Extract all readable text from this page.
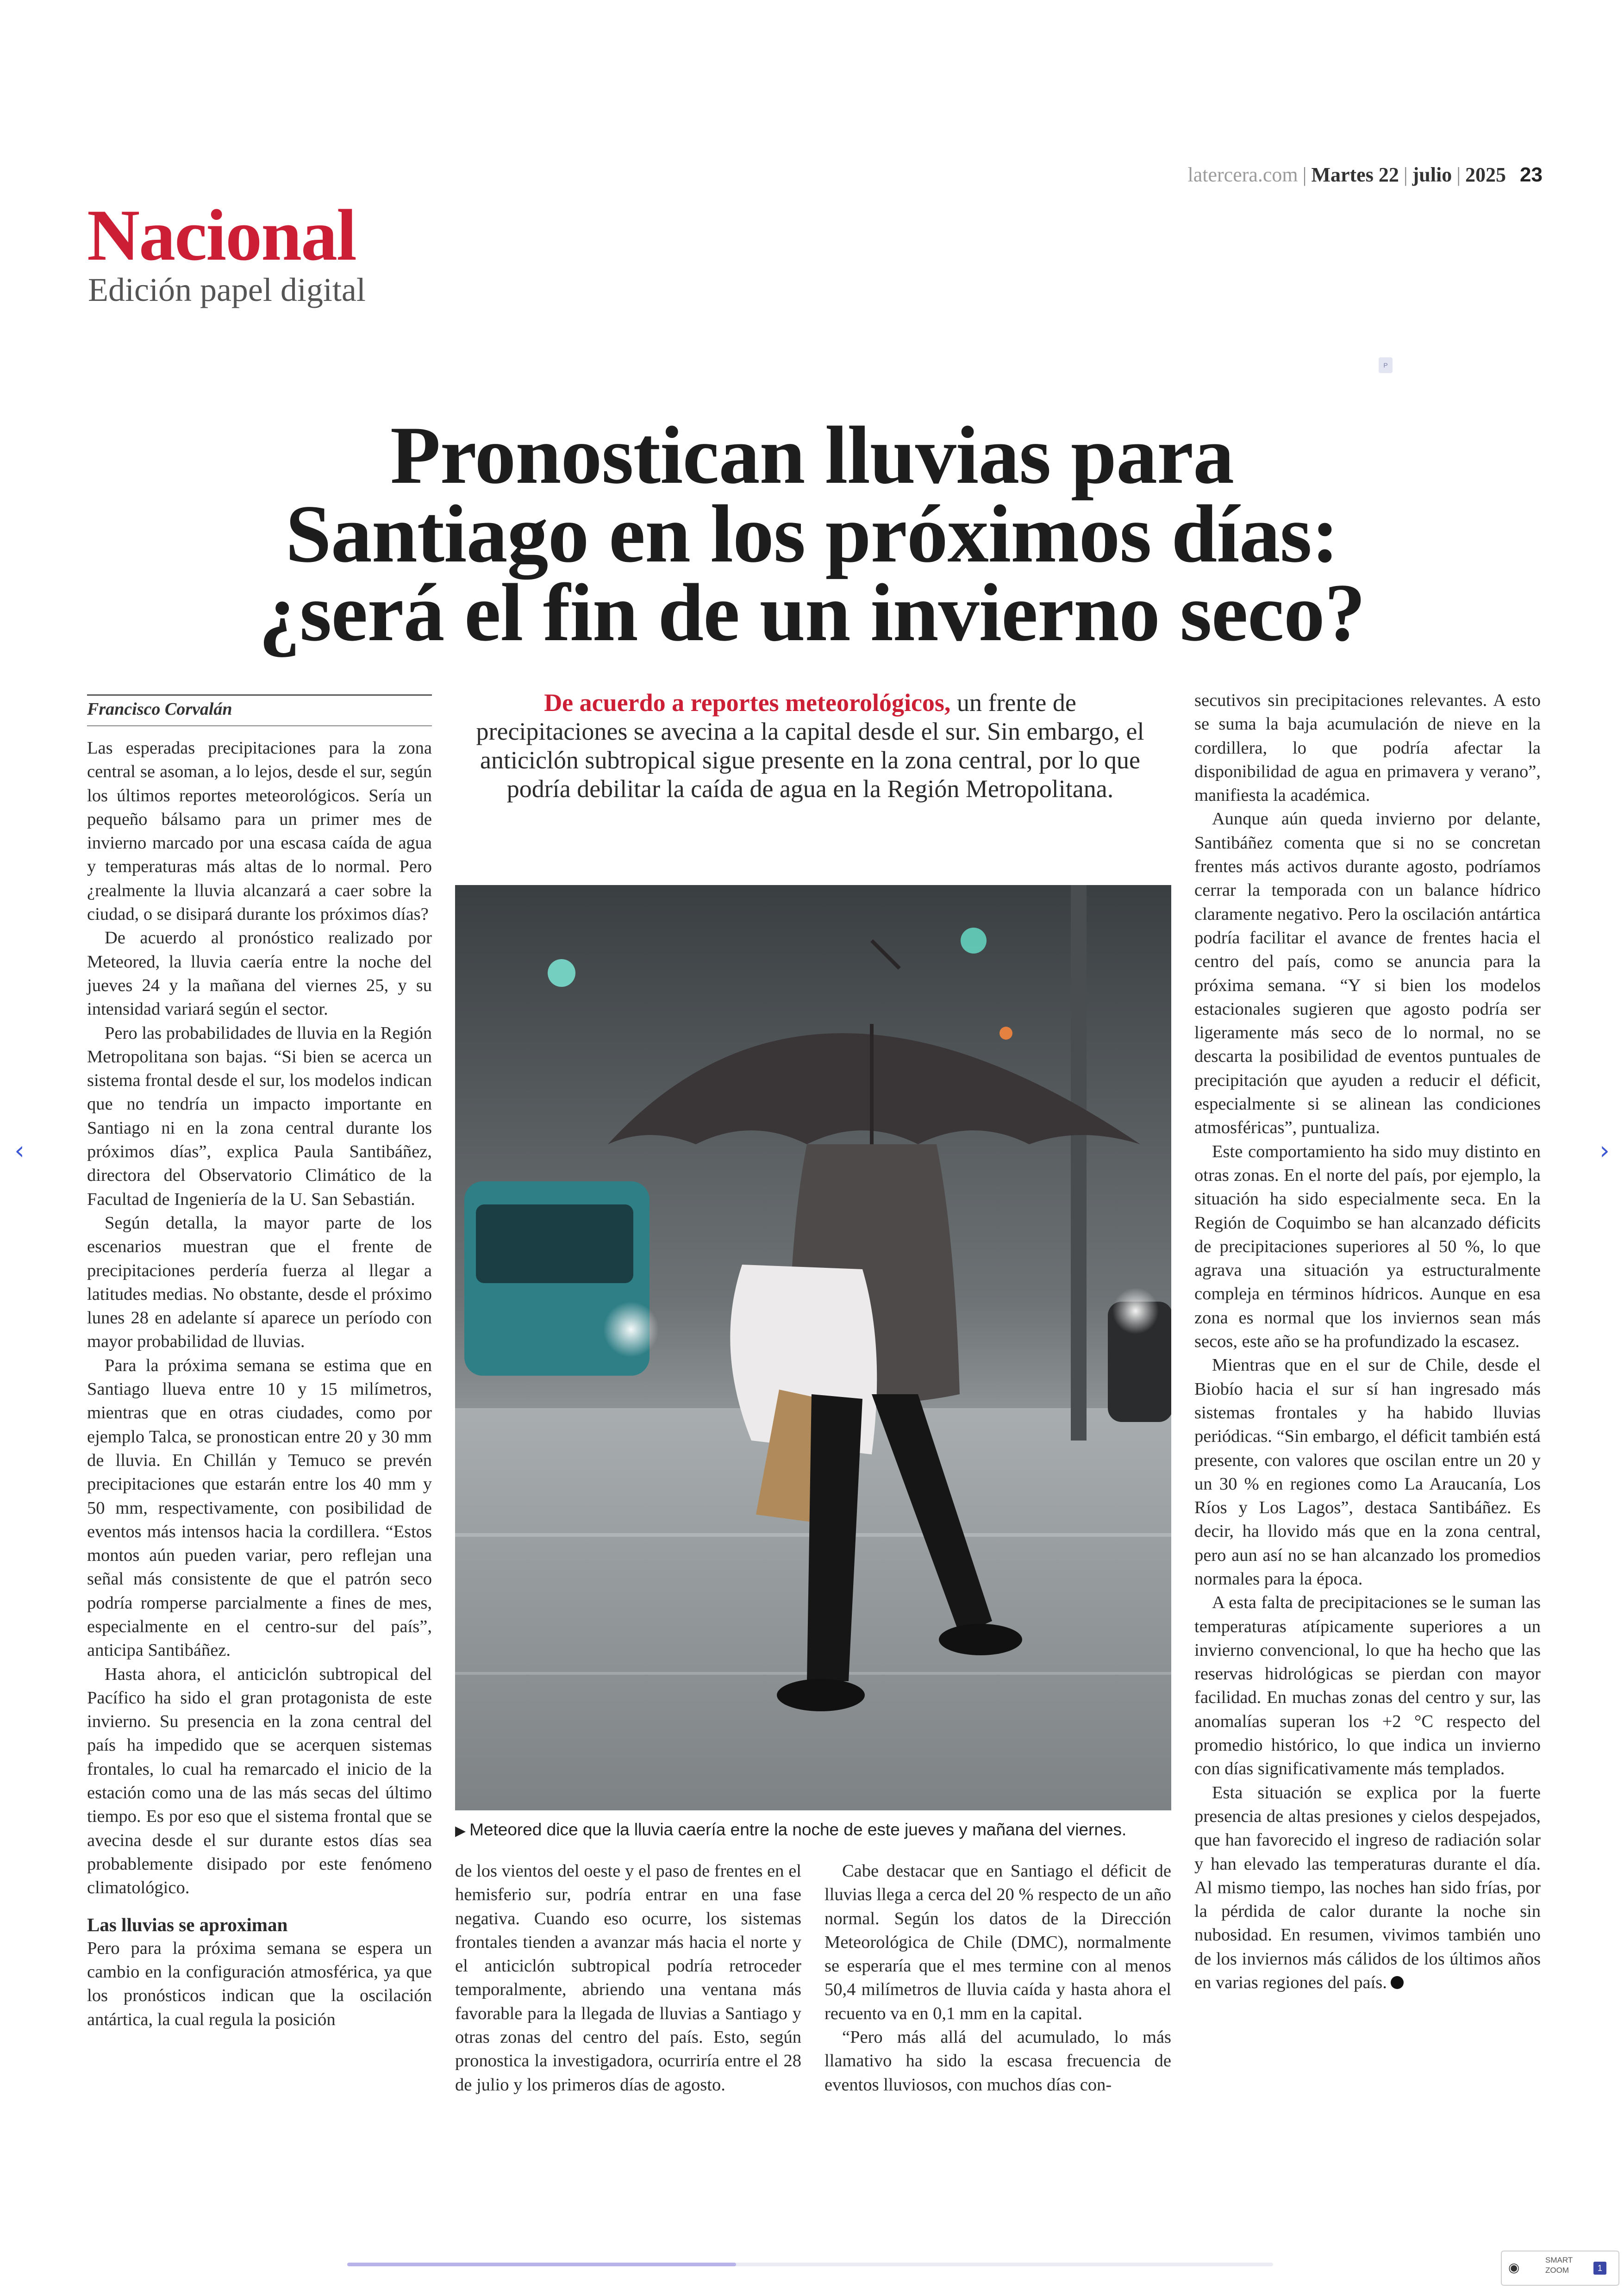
latercera.com | Martes 22 | julio | 2025 23
Nacional
Edición papel digital
P
Pronostican lluvias para
Santiago en los próximos días:
¿será el fin de un invierno seco?
Francisco Corvalán

Las esperadas precipitaciones para la zona central se asoman, a lo lejos, desde el sur, según los últimos reportes meteorológicos. Sería un pequeño bálsamo para un primer mes de invierno marcado por una escasa caída de agua y temperaturas más altas de lo normal. Pero ¿realmente la lluvia alcanzará a caer sobre la ciudad, o se disipará durante los próximos días?

De acuerdo al pronóstico realizado por Meteored, la lluvia caería entre la noche del jueves 24 y la mañana del viernes 25, y su intensidad variará según el sector.

Pero las probabilidades de lluvia en la Región Metropolitana son bajas. “Si bien se acerca un sistema frontal desde el sur, los modelos indican que no tendría un impacto importante en Santiago ni en la zona central durante los próximos días”, explica Paula Santibáñez, directora del Observatorio Climático de la Facultad de Ingeniería de la U. San Sebastián.

Según detalla, la mayor parte de los escenarios muestran que el frente de precipitaciones perdería fuerza al llegar a latitudes medias. No obstante, desde el próximo lunes 28 en adelante sí aparece un período con mayor probabilidad de lluvias.

Para la próxima semana se estima que en Santiago llueva entre 10 y 15 milímetros, mientras que en otras ciudades, como por ejemplo Talca, se pronostican entre 20 y 30 mm de lluvia. En Chillán y Temuco se prevén precipitaciones que estarán entre los 40 mm y 50 mm, respectivamente, con posibilidad de eventos más intensos hacia la cordillera. “Estos montos aún pueden variar, pero reflejan una señal más consistente de que el patrón seco podría romperse parcialmente a fines de mes, especialmente en el centro-sur del país”, anticipa Santibáñez.

Hasta ahora, el anticiclón subtropical del Pacífico ha sido el gran protagonista de este invierno. Su presencia en la zona central del país ha impedido que se acerquen sistemas frontales, lo cual ha remarcado el inicio de la estación como una de las más secas del último tiempo. Es por eso que el sistema frontal que se avecina desde el sur durante estos días sea probablemente disipado por este fenómeno climatológico.

Las lluvias se aproximan

Pero para la próxima semana se espera un cambio en la configuración atmosférica, ya que los pronósticos indican que la oscilación antártica, la cual regula la posición

De acuerdo a reportes meteorológicos, un frente de precipitaciones se avecina a la capital desde el sur. Sin embargo, el anticiclón subtropical sigue presente en la zona central, por lo que podría debilitar la caída de agua en la Región Metropolitana.
▶ Meteored dice que la lluvia caería entre la noche de este jueves y mañana del viernes.

de los vientos del oeste y el paso de frentes en el hemisferio sur, podría entrar en una fase negativa. Cuando eso ocurre, los sistemas frontales tienden a avanzar más hacia el norte y el anticiclón subtropical podría retroceder temporalmente, abriendo una ventana más favorable para la llegada de lluvias a Santiago y otras zonas del centro del país. Esto, según pronostica la investigadora, ocurriría entre el 28 de julio y los primeros días de agosto.

Cabe destacar que en Santiago el déficit de lluvias llega a cerca del 20 % respecto de un año normal. Según los datos de la Dirección Meteorológica de Chile (DMC), normalmente se esperaría que el mes termine con al menos 50,4 milímetros de lluvia caída y hasta ahora el recuento va en 0,1 mm en la capital.

“Pero más allá del acumulado, lo más llamativo ha sido la escasa frecuencia de eventos lluviosos, con muchos días con-

secutivos sin precipitaciones relevantes. A esto se suma la baja acumulación de nieve en la cordillera, lo que podría afectar la disponibilidad de agua en primavera y verano”, manifiesta la académica.

Aunque aún queda invierno por delante, Santibáñez comenta que si no se concretan frentes más activos durante agosto, podríamos cerrar la temporada con un balance hídrico claramente negativo. Pero la oscilación antártica podría facilitar el avance de frentes hacia el centro del país, como se anuncia para la próxima semana. “Y si bien los modelos estacionales sugieren que agosto podría ser ligeramente más seco de lo normal, no se descarta la posibilidad de eventos puntuales de precipitación que ayuden a reducir el déficit, especialmente si se alinean las condiciones atmosféricas”, puntualiza.

Este comportamiento ha sido muy distinto en otras zonas. En el norte del país, por ejemplo, la situación ha sido especialmente seca. En la Región de Coquimbo se han alcanzado déficits de precipitaciones superiores al 50 %, lo que agrava una situación ya estructuralmente compleja en términos hídricos. Aunque en esa zona es normal que los inviernos sean más secos, este año se ha profundizado la escasez.

Mientras que en el sur de Chile, desde el Biobío hacia el sur sí han ingresado más sistemas frontales y ha habido lluvias periódicas. “Sin embargo, el déficit también está presente, con valores que oscilan entre un 20 y un 30 % en regiones como La Araucanía, Los Ríos y Los Lagos”, destaca Santibáñez. Es decir, ha llovido más que en la zona central, pero aun así no se han alcanzado los promedios normales para la época.

A esta falta de precipitaciones se le suman las temperaturas atípicamente superiores a un invierno convencional, lo que ha hecho que las reservas hidrológicas se pierdan con mayor facilidad. En muchas zonas del centro y sur, las anomalías superan los +2 °C respecto del promedio histórico, lo que indica un invierno con días significativamente más templados.

Esta situación se explica por la fuerte presencia de altas presiones y cielos despejados, que han favorecido el ingreso de radiación solar y han elevado las temperaturas durante el día. Al mismo tiempo, las noches han sido frías, por la pérdida de calor durante la noche sin nubosidad. En resumen, vivimos también uno de los inviernos más cálidos de los últimos años en varias regiones del país.

‹	›
◉	SMART
ZOOM	1
